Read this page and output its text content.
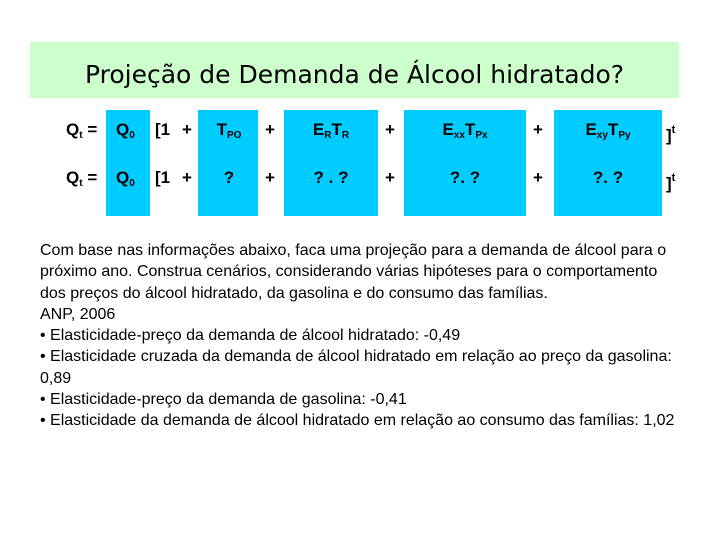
Projeção de Demanda de Álcool hidratado?
$Q_t = Q_0$ [$1 + T_{PO} + E_RT_R$ +	$E_{xx}T_{Px}$	+	$E_{xy}T_{Py}$ ]$^t$
$Q_t = Q_0$ [1 + ? + ? . ? +	?. ?	+	?. ?	]$^t$
Com base nas informações abaixo, faca uma projeção para a demanda de álcool para o próximo ano. Construa cenários, considerando várias hipóteses para o comportamento dos preços do álcool hidratado, da gasolina e do consumo das famílias.
ANP, 2006
• Elasticidade-preço da demanda de álcool hidratado: -0,49
• Elasticidade cruzada da demanda de álcool hidratado em relação ao preço da gasolina: 0,89
• Elasticidade-preço da demanda de gasolina: -0,41
• Elasticidade da demanda de álcool hidratado em relação ao consumo das famílias: 1,02
